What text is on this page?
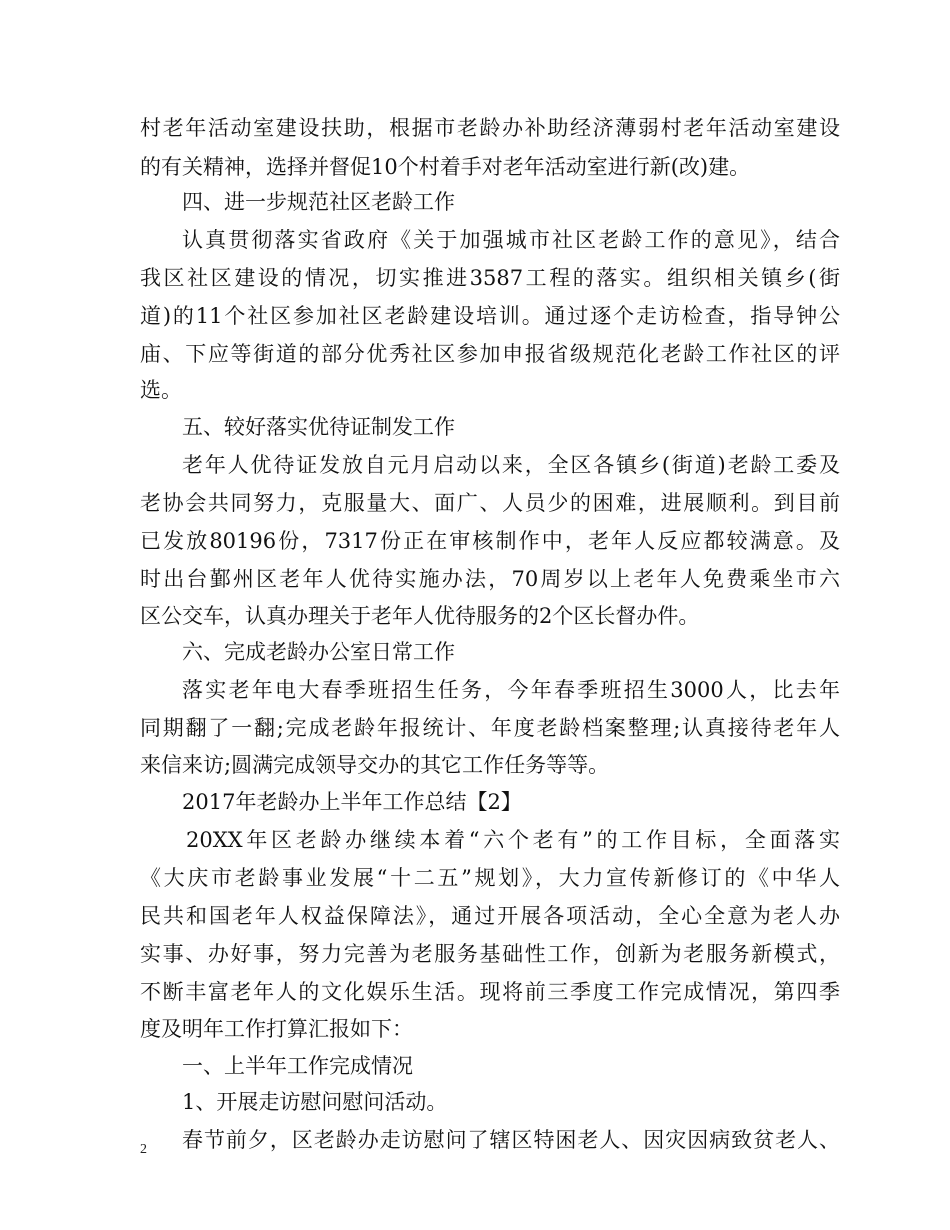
村老年活动室建设扶助，根据市老龄办补助经济薄弱村老年活动室建设
的有关精神，选择并督促10个村着手对老年活动室进行新(改)建。
四、进一步规范社区老龄工作
认真贯彻落实省政府《关于加强城市社区老龄工作的意见》，结合
我区社区建设的情况，切实推进3587工程的落实。组织相关镇乡(街
道)的11个社区参加社区老龄建设培训。通过逐个走访检查，指导钟公
庙、下应等街道的部分优秀社区参加申报省级规范化老龄工作社区的评
选。
五、较好落实优待证制发工作
老年人优待证发放自元月启动以来，全区各镇乡(街道)老龄工委及
老协会共同努力，克服量大、面广、人员少的困难，进展顺利。到目前
已发放80196份，7317份正在审核制作中，老年人反应都较满意。及
时出台鄞州区老年人优待实施办法，70周岁以上老年人免费乘坐市六
区公交车，认真办理关于老年人优待服务的2个区长督办件。
六、完成老龄办公室日常工作
落实老年电大春季班招生任务，今年春季班招生3000人，比去年
同期翻了一翻;完成老龄年报统计、年度老龄档案整理;认真接待老年人
来信来访;圆满完成领导交办的其它工作任务等等。
2017年老龄办上半年工作总结【2】
20XX年区老龄办继续本着“六个老有”的工作目标，全面落实
《大庆市老龄事业发展“十二五”规划》，大力宣传新修订的《中华人
民共和国老年人权益保障法》，通过开展各项活动，全心全意为老人办
实事、办好事，努力完善为老服务基础性工作，创新为老服务新模式，
不断丰富老年人的文化娱乐生活。现将前三季度工作完成情况，第四季
度及明年工作打算汇报如下：
一、上半年工作完成情况
1、开展走访慰问慰问活动。
春节前夕，区老龄办走访慰问了辖区特困老人、因灾因病致贫老人、
2
